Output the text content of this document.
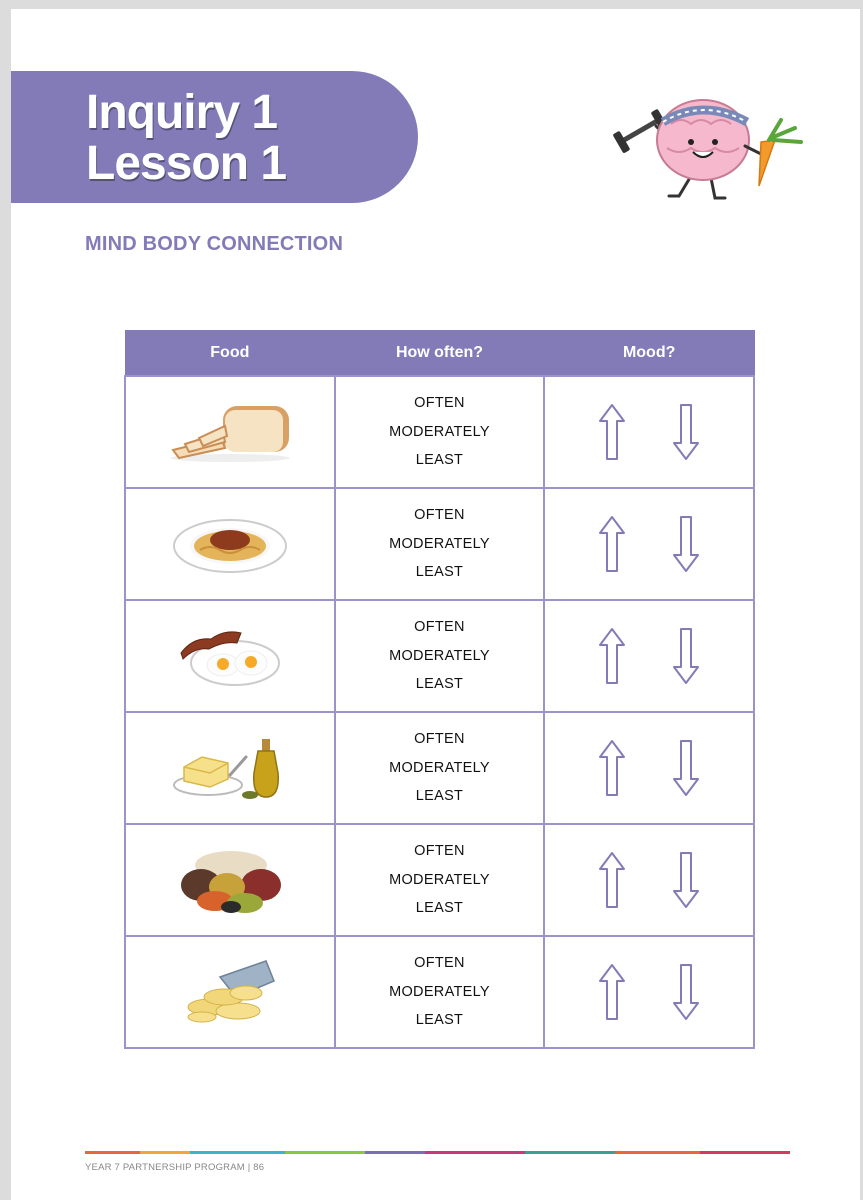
Inquiry 1
Lesson 1
MIND BODY CONNECTION
Food	How often?	Mood?

OFTEN
MODERATELY
LEAST

OFTEN
MODERATELY
LEAST

OFTEN
MODERATELY
LEAST

OFTEN
MODERATELY
LEAST

OFTEN
MODERATELY
LEAST

OFTEN
MODERATELY
LEAST

YEAR 7 PARTNERSHIP PROGRAM | 86
